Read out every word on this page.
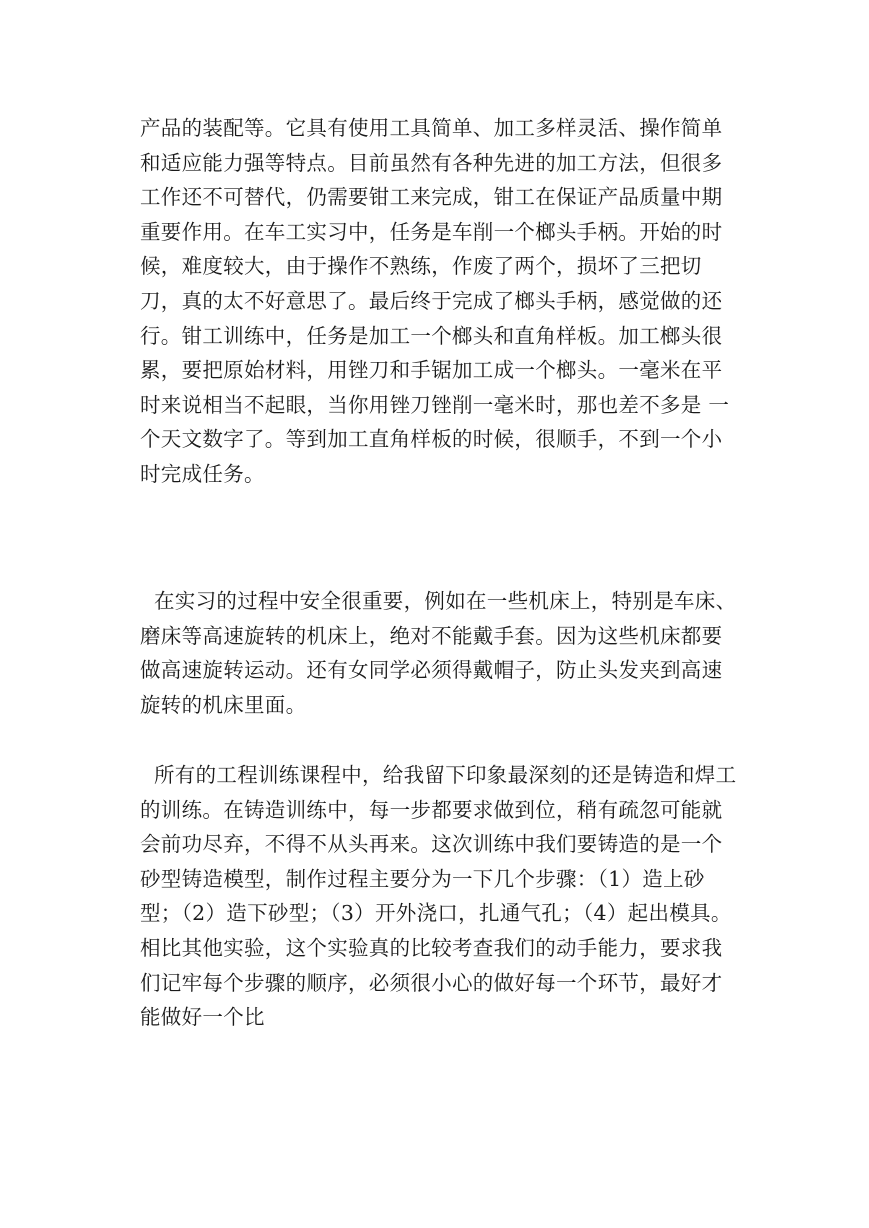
产品的装配等。它具有使用工具简单、加工多样灵活、操作简单和适应能力强等特点。目前虽然有各种先进的加工方法，但很多工作还不可替代，仍需要钳工来完成，钳工在保证产品质量中期重要作用。在车工实习中，任务是车削一个榔头手柄。开始的时候，难度较大，由于操作不熟练，作废了两个，损坏了三把切刀，真的太不好意思了。最后终于完成了榔头手柄，感觉做的还行。钳工训练中，任务是加工一个榔头和直角样板。加工榔头很累，要把原始材料，用锉刀和手锯加工成一个榔头。一毫米在平时来说相当不起眼，当你用锉刀锉削一毫米时，那也差不多是 一个天文数字了。等到加工直角样板的时候，很顺手，不到一个小时完成任务。

在实习的过程中安全很重要，例如在一些机床上，特别是车床、磨床等高速旋转的机床上，绝对不能戴手套。因为这些机床都要做高速旋转运动。还有女同学必须得戴帽子，防止头发夹到高速旋转的机床里面。

所有的工程训练课程中，给我留下印象最深刻的还是铸造和焊工的训练。在铸造训练中，每一步都要求做到位，稍有疏忽可能就会前功尽弃，不得不从头再来。这次训练中我们要铸造的是一个砂型铸造模型，制作过程主要分为一下几个步骤：（1）造上砂型；（2）造下砂型；（3）开外浇口，扎通气孔；（4）起出模具。相比其他实验，这个实验真的比较考查我们的动手能力，要求我们记牢每个步骤的顺序，必须很小心的做好每一个环节，最好才能做好一个比
